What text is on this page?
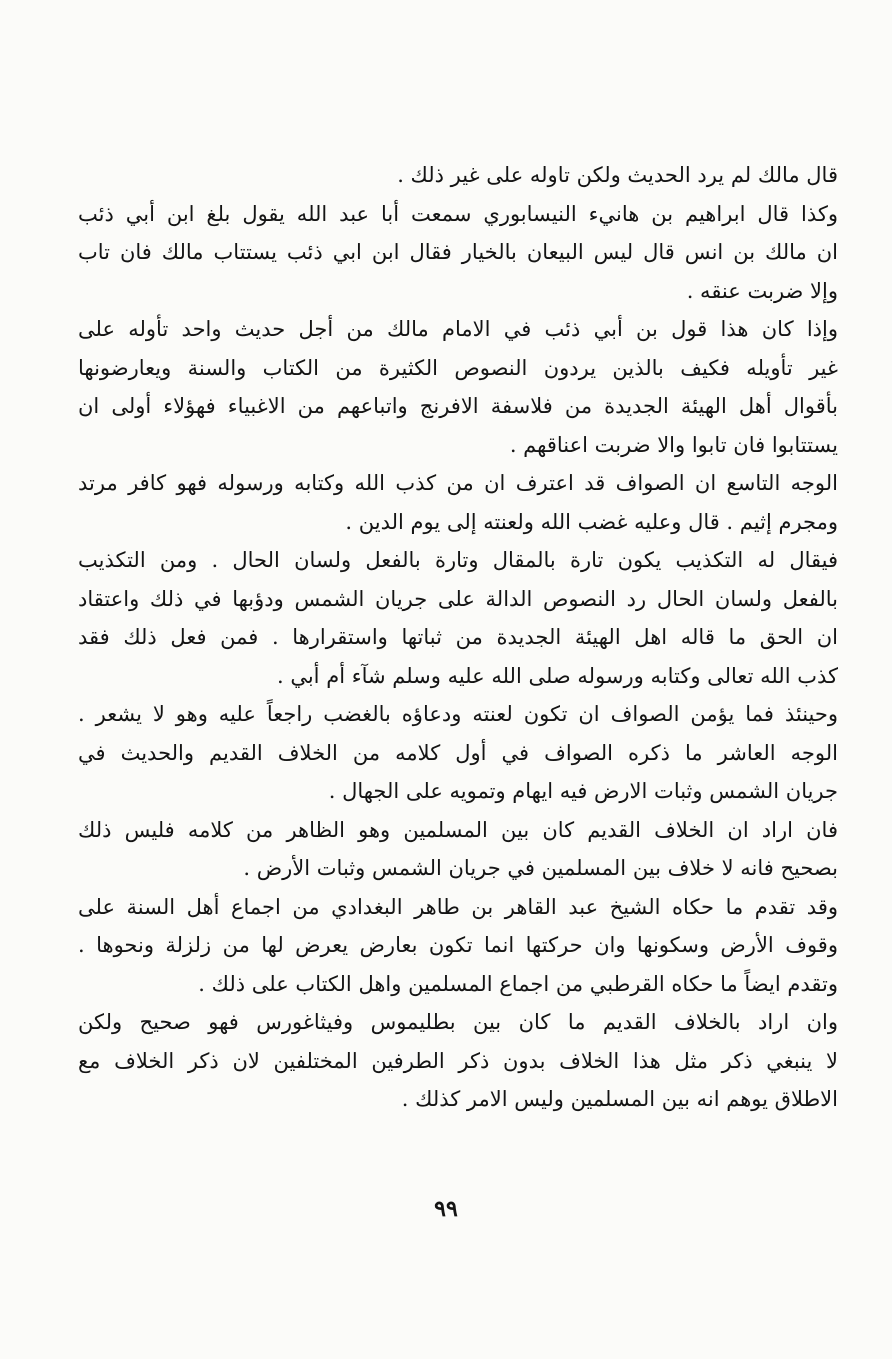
قال مالك لم يرد الحديث ولكن تاوله على غير ذلك .
وكذا قال ابراهيم بن هانيء النيسابوري سمعت أبا عبد الله يقول بلغ ابن أبي ذئب
ان مالك بن انس قال ليس البيعان بالخيار فقال ابن ابي ذئب يستتاب مالك فان تاب
وإلا ضربت عنقه .
وإذا كان هذا قول بن أبي ذئب في الامام مالك من أجل حديث واحد تأوله على
غير تأويله فكيف بالذين يردون النصوص الكثيرة من الكتاب والسنة ويعارضونها
بأقوال أهل الهيئة الجديدة من فلاسفة الافرنج واتباعهم من الاغبياء فهؤلاء أولى ان
يستتابوا فان تابوا والا ضربت اعناقهم .
الوجه التاسع ان الصواف قد اعترف ان من كذب الله وكتابه ورسوله فهو كافر مرتد
ومجرم إثيم . قال وعليه غضب الله ولعنته إلى يوم الدين .
فيقال له التكذيب يكون تارة بالمقال وتارة بالفعل ولسان الحال . ومن التكذيب
بالفعل ولسان الحال رد النصوص الدالة على جريان الشمس ودؤبها في ذلك واعتقاد
ان الحق ما قاله اهل الهيئة الجديدة من ثباتها واستقرارها . فمن فعل ذلك فقد
كذب الله تعالى وكتابه ورسوله صلى الله عليه وسلم شآء أم أبي .
وحينئذ فما يؤمن الصواف ان تكون لعنته ودعاؤه بالغضب راجعاً عليه وهو لا يشعر .
الوجه العاشر ما ذكره الصواف في أول كلامه من الخلاف القديم والحديث في
جريان الشمس وثبات الارض فيه ايهام وتمويه على الجهال .
فان اراد ان الخلاف القديم كان بين المسلمين وهو الظاهر من كلامه فليس ذلك
بصحيح فانه لا خلاف بين المسلمين في جريان الشمس وثبات الأرض .
وقد تقدم ما حكاه الشيخ عبد القاهر بن طاهر البغدادي من اجماع أهل السنة على
وقوف الأرض وسكونها وان حركتها انما تكون بعارض يعرض لها من زلزلة ونحوها .
وتقدم ايضاً ما حكاه القرطبي من اجماع المسلمين واهل الكتاب على ذلك .
وان اراد بالخلاف القديم ما كان بين بطليموس وفيثاغورس فهو صحيح ولكن
لا ينبغي ذكر مثل هذا الخلاف بدون ذكر الطرفين المختلفين لان ذكر الخلاف مع
الاطلاق يوهم انه بين المسلمين وليس الامر كذلك .
٩٩
